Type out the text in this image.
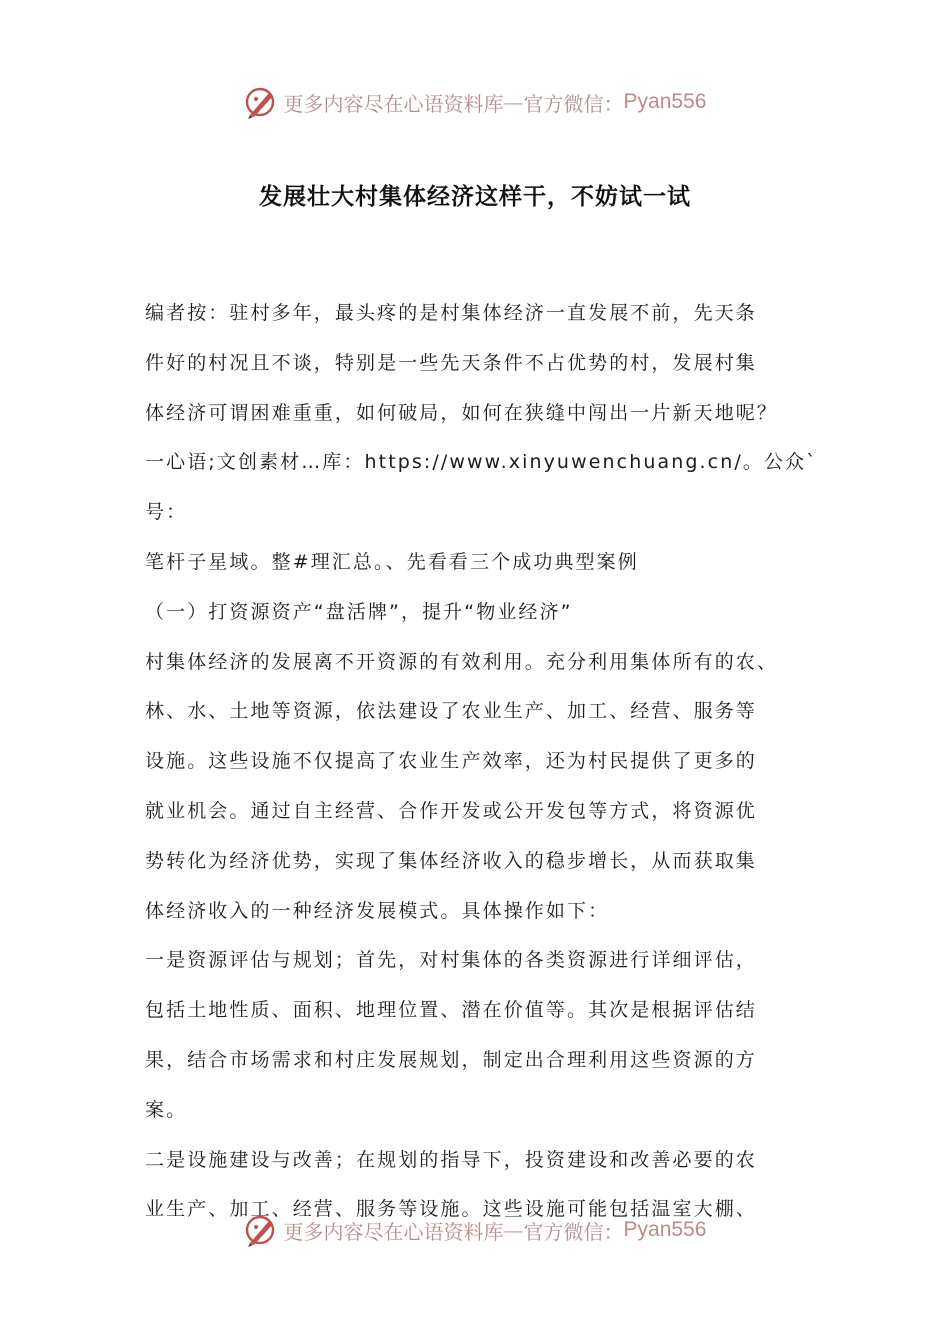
更多内容尽在心语资料库 — 官方微信： Pyan556
发展壮大村集体经济这样干，不妨试一试

编者按：驻村多年，最头疼的是村集体经济一直发展不前，先天条

件好的村况且不谈，特别是一些先天条件不占优势的村，发展村集

体经济可谓困难重重，如何破局，如何在狭缝中闯出一片新天地呢？

一心语;文创素材…库：https://www.xinyuwenchuang.cn/。公众`号：

笔杆子星域。整#理汇总。、先看看三个成功典型案例

（一）打资源资产“盘活牌”，提升“物业经济”

村集体经济的发展离不开资源的有效利用。充分利用集体所有的农、

林、水、土地等资源，依法建设了农业生产、加工、经营、服务等

设施。这些设施不仅提高了农业生产效率，还为村民提供了更多的

就业机会。通过自主经营、合作开发或公开发包等方式，将资源优

势转化为经济优势，实现了集体经济收入的稳步增长，从而获取集

体经济收入的一种经济发展模式。具体操作如下：

一是资源评估与规划；首先，对村集体的各类资源进行详细评估，

包括土地性质、面积、地理位置、潜在价值等。其次是根据评估结

果，结合市场需求和村庄发展规划，制定出合理利用这些资源的方

案。

二是设施建设与改善；在规划的指导下，投资建设和改善必要的农

业生产、加工、经营、服务等设施。这些设施可能包括温室大棚、

更多内容尽在心语资料库 — 官方微信： Pyan556
